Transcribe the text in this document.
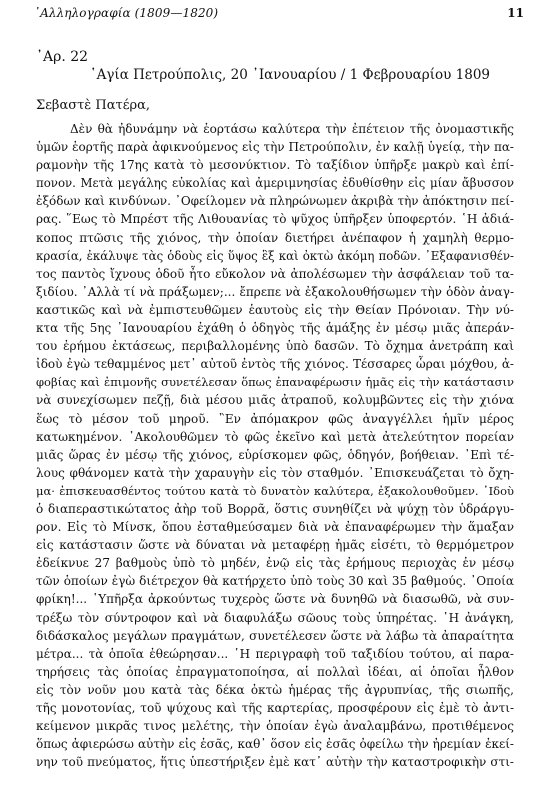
᾿Αλληλογραφία (1809—1820)	11
᾿Αρ. 22
῾Αγία Πετρούπολις, 20 ᾿Ιανουαρίου / 1 Φεβρουαρίου 1809
Σεβαστὲ Πατέρα,
Δὲν θὰ ἠδυνάμην νὰ ἑορτάσω καλύτερα τὴν ἐπέτειον τῆς ὀνομαστικῆς
ὑμῶν ἑορτῆς παρὰ ἀφικνούμενος εἰς τὴν Πετρούπολιν, ἐν καλῇ ὑγείᾳ, τὴν πα-
ραμονὴν τῆς 17ης κατὰ τὸ μεσονύκτιον. Τὸ ταξίδιον ὑπῆρξε μακρὺ καὶ ἐπί-
πονον. Μετὰ μεγάλης εὐκολίας καὶ ἀμεριμνησίας ἐδυθίσθην εἰς μίαν ἄβυσσον
ἐξόδων καὶ κινδύνων. ᾿Οφείλομεν νὰ πληρώνωμεν ἀκριβὰ τὴν ἀπόκτησιν πεί-
ρας. ῞Εως τὸ Μπρέστ τῆς Λιθουανίας τὸ ψῦχος ὑπῆρξεν ὑποφερτόν. ῾Η ἀδιά-
κοπος πτῶσις τῆς χιόνος, τὴν ὁποίαν διετήρει ἀνέπαφον ἡ χαμηλὴ θερμο-
κρασία, ἐκάλυψε τὰς ὁδοὺς εἰς ὕψος ἓξ καὶ ὀκτὼ ἀκόμη ποδῶν. ᾿Εξαφανισθέν-
τος παντὸς ἴχνους ὁδοῦ ἦτο εὔκολον νὰ ἀπολέσωμεν τὴν ἀσφάλειαν τοῦ τα-
ξιδίου. ᾿Αλλὰ τί νὰ πράξωμεν;... ἔπρεπε νὰ ἐξακολουθήσωμεν τὴν ὁδὸν ἀναγ-
καστικῶς καὶ νὰ ἐμπιστευθῶμεν ἑαυτοὺς εἰς τὴν Θείαν Πρόνοιαν. Τὴν νύ-
κτα τῆς 5ης ᾿Ιανουαρίου ἐχάθη ὁ ὁδηγὸς τῆς ἁμάξης ἐν μέσῳ μιᾶς ἀπεράν-
του ἐρήμου ἐκτάσεως, περιβαλλομένης ὑπὸ δασῶν. Τὸ ὄχημα ἀνετράπη καὶ
ἰδοὺ ἐγὼ τεθαμμένος μετ᾿ αὐτοῦ ἐντὸς τῆς χιόνος. Τέσσαρες ὧραι μόχθου, ἀ-
φοβίας καὶ ἐπιμονῆς συνετέλεσαν ὅπως ἐπαναφέρωσιν ἡμᾶς εἰς τὴν κατάστασιν
νὰ συνεχίσωμεν πεζῇ, διὰ μέσου μιᾶς ἀτραποῦ, κολυμβῶντες εἰς τὴν χιόνα
ἕως τὸ μέσον τοῦ μηροῦ. ῍Εν ἀπόμακρον φῶς ἀναγγέλλει ἡμῖν μέρος
κατωκημένον. ᾿Ακολουθῶμεν τὸ φῶς ἐκεῖνο καὶ μετὰ ἀτελεύτητον πορείαν
μιᾶς ὥρας ἐν μέσῳ τῆς χιόνος, εὑρίσκομεν φῶς, ὁδηγόν, βοήθειαν. ᾿Επὶ τέ-
λους φθάνομεν κατὰ τὴν χαραυγὴν εἰς τὸν σταθμόν. ᾿Επισκευάζεται τὸ ὄχη-
μα· ἐπισκευασθέντος τούτου κατὰ τὸ δυνατὸν καλύτερα, ἐξακολουθοῦμεν. ᾿Ιδοὺ
ὁ διαπεραστικώτατος ἀὴρ τοῦ Βορρᾶ, ὅστις συνηθίζει νὰ ψύχῃ τὸν ὑδράργυ-
ρον. Εἰς τὸ Μίνσκ, ὅπου ἐσταθμεύσαμεν διὰ νὰ ἐπαναφέρωμεν τὴν ἅμαξαν
εἰς κατάστασιν ὥστε νὰ δύναται νὰ μεταφέρῃ ἡμᾶς εἰσέτι, τὸ θερμόμετρον
ἐδείκνυε 27 βαθμοὺς ὑπὸ τὸ μηδέν, ἐνῷ εἰς τὰς ἐρήμους περιοχὰς ἐν μέσῳ
τῶν ὁποίων ἐγὼ διέτρεχον θὰ κατήρχετο ὑπὸ τοὺς 30 καὶ 35 βαθμούς. ᾿Οποία
φρίκη!... ῾Υπῆρξα ἀρκούντως τυχερὸς ὥστε νὰ δυνηθῶ νὰ διασωθῶ, νὰ συν-
τρέξω τὸν σύντροφον καὶ νὰ διαφυλάξω σῶους τοὺς ὑπηρέτας. ῾Η ἀνάγκη,
διδάσκαλος μεγάλων πραγμάτων, συνετέλεσεν ὥστε νὰ λάβω τὰ ἀπαραίτητα
μέτρα... τὰ ὁποῖα ἐθεώρησαν... ῾Η περιγραφὴ τοῦ ταξιδίου τούτου, αἱ παρα-
τηρήσεις τὰς ὁποίας ἐπραγματοποίησα, αἱ πολλαὶ ἰδέαι, αἱ ὁποῖαι ἦλθον
εἰς τὸν νοῦν μου κατὰ τὰς δέκα ὀκτὼ ἡμέρας τῆς ἀγρυπνίας, τῆς σιωπῆς,
τῆς μονοτονίας, τοῦ ψύχους καὶ τῆς καρτερίας, προσφέρουν εἰς ἐμὲ τὸ ἀντι-
κείμενον μικρᾶς τινος μελέτης, τὴν ὁποίαν ἐγὼ ἀναλαμβάνω, προτιθέμενος
ὅπως ἀφιερώσω αὐτὴν εἰς ἐσᾶς, καθ᾿ ὅσον εἰς ἐσᾶς ὀφείλω τὴν ἠρεμίαν ἐκεί-
νην τοῦ πνεύματος, ἥτις ὑπεστήριξεν ἐμὲ κατ᾿ αὐτὴν τὴν καταστροφικὴν στι-
